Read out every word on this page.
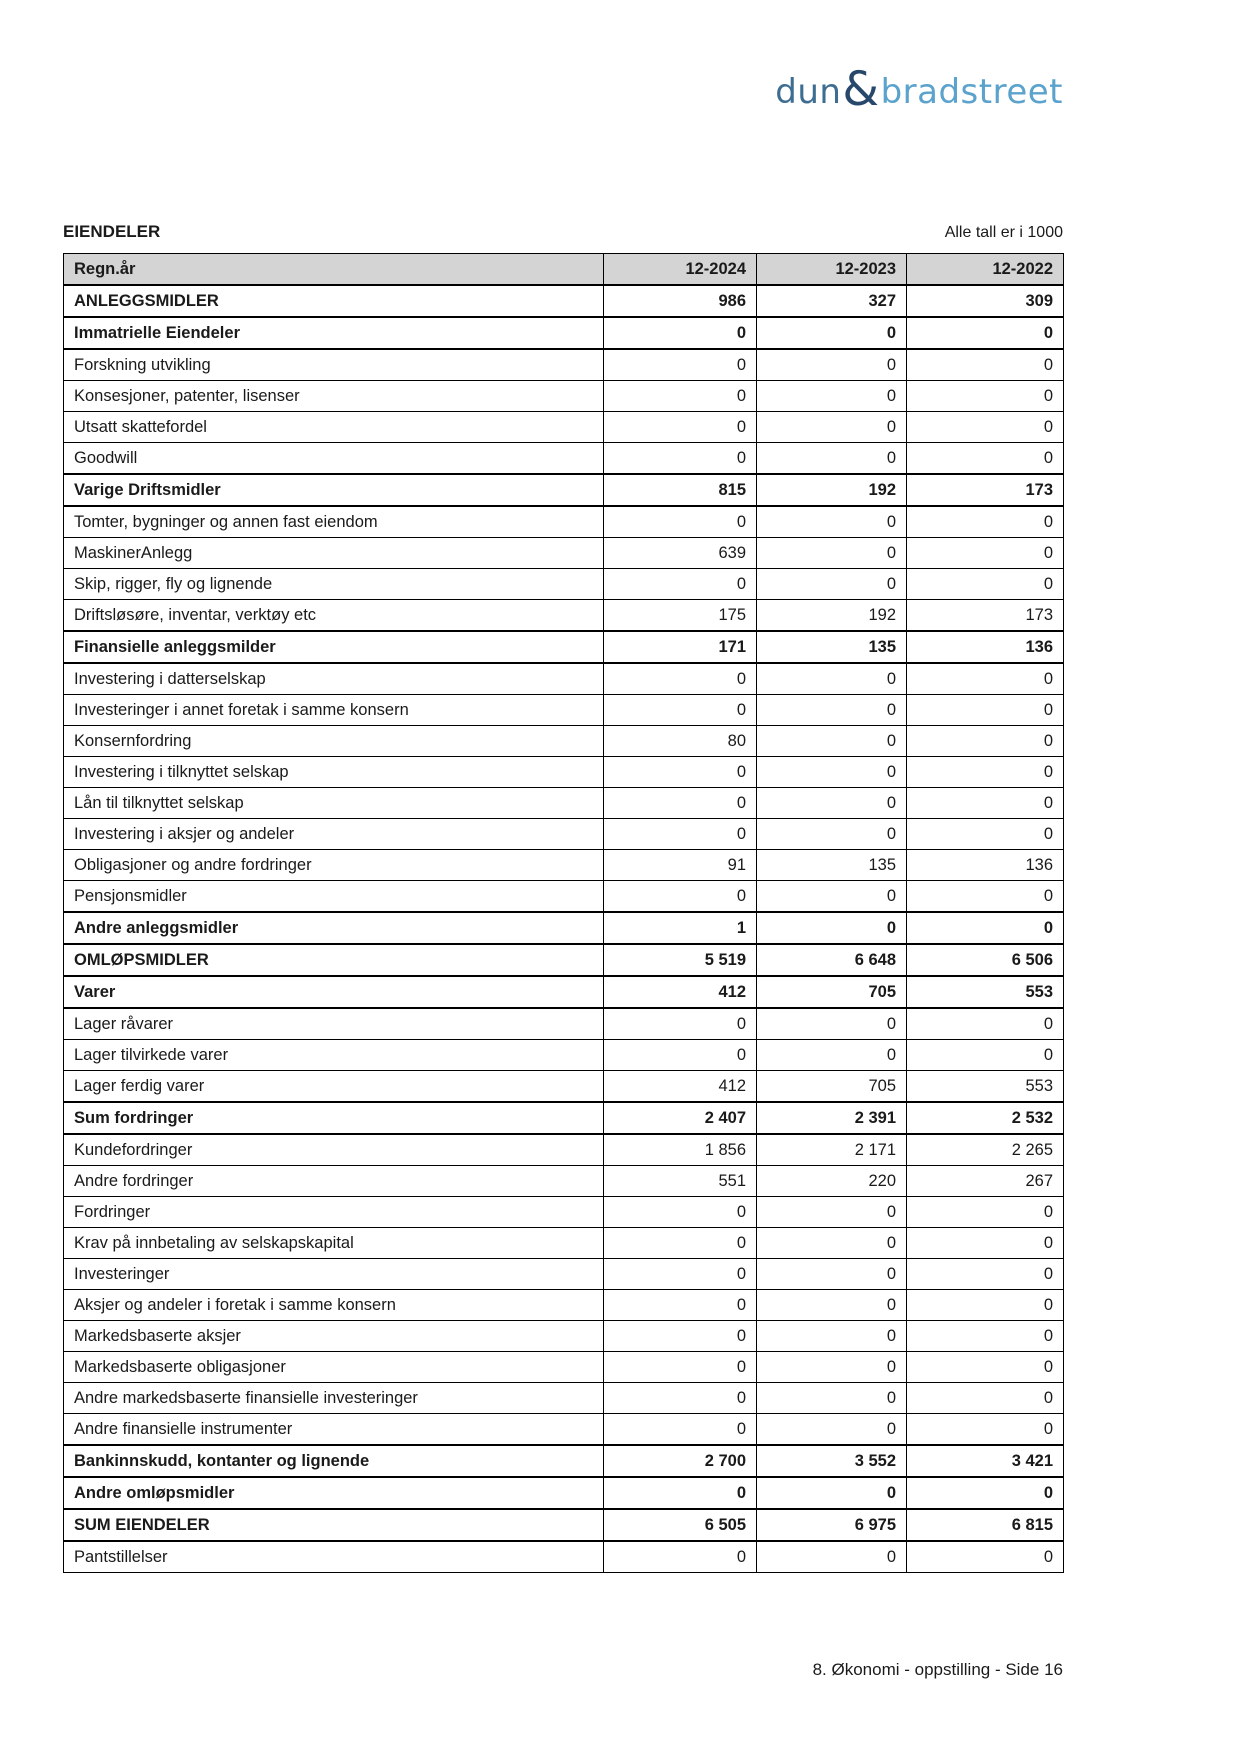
dun & bradstreet
EIENDELER	Alle tall er i 1000
Regn.år	12-2024	12-2023	12-2022
ANLEGGSMIDLER	986	327	309
Immatrielle Eiendeler	0	0	0
Forskning utvikling	0	0	0
Konsesjoner, patenter, lisenser	0	0	0
Utsatt skattefordel	0	0	0
Goodwill	0	0	0
Varige Driftsmidler	815	192	173
Tomter, bygninger og annen fast eiendom	0	0	0
MaskinerAnlegg	639	0	0
Skip, rigger, fly og lignende	0	0	0
Driftsløsøre, inventar, verktøy etc	175	192	173
Finansielle anleggsmilder	171	135	136
Investering i datterselskap	0	0	0
Investeringer i annet foretak i samme konsern	0	0	0
Konsernfordring	80	0	0
Investering i tilknyttet selskap	0	0	0
Lån til tilknyttet selskap	0	0	0
Investering i aksjer og andeler	0	0	0
Obligasjoner og andre fordringer	91	135	136
Pensjonsmidler	0	0	0
Andre anleggsmidler	1	0	0
OMLØPSMIDLER	5 519	6 648	6 506
Varer	412	705	553
Lager råvarer	0	0	0
Lager tilvirkede varer	0	0	0
Lager ferdig varer	412	705	553
Sum fordringer	2 407	2 391	2 532
Kundefordringer	1 856	2 171	2 265
Andre fordringer	551	220	267
Fordringer	0	0	0
Krav på innbetaling av selskapskapital	0	0	0
Investeringer	0	0	0
Aksjer og andeler i foretak i samme konsern	0	0	0
Markedsbaserte aksjer	0	0	0
Markedsbaserte obligasjoner	0	0	0
Andre markedsbaserte finansielle investeringer	0	0	0
Andre finansielle instrumenter	0	0	0
Bankinnskudd, kontanter og lignende	2 700	3 552	3 421
Andre omløpsmidler	0	0	0
SUM EIENDELER	6 505	6 975	6 815
Pantstillelser	0	0	0
8. Økonomi - oppstilling - Side 16
